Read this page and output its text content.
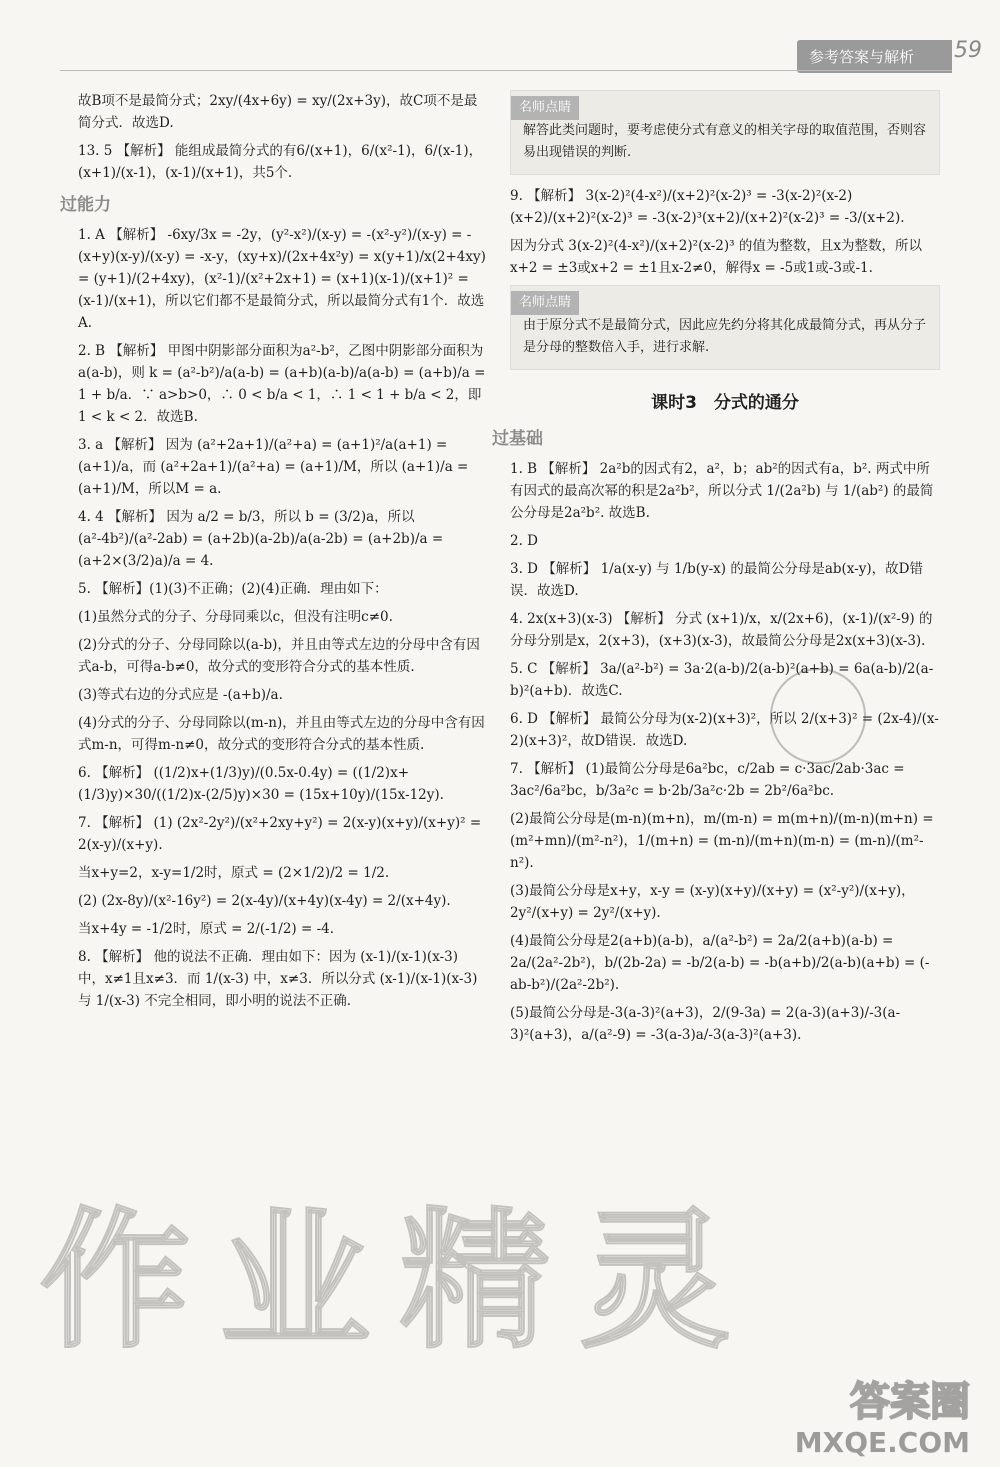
参考答案与解析	59

故B项不是最简分式；2xy/(4x+6y) = xy/(2x+3y)，故C项不是最简分式．故选D.

13. 5 【解析】 能组成最简分式的有6/(x+1)，6/(x²-1)，6/(x-1)，(x+1)/(x-1)，(x-1)/(x+1)，共5个.

过能力

1. A 【解析】 -6xy/3x = -2y，(y²-x²)/(x-y) = -(x²-y²)/(x-y) = -(x+y)(x-y)/(x-y) = -x-y，(xy+x)/(2x+4x²y) = x(y+1)/x(2+4xy) = (y+1)/(2+4xy)，(x²-1)/(x²+2x+1) = (x+1)(x-1)/(x+1)² = (x-1)/(x+1)，所以它们都不是最简分式，所以最简分式有1个．故选A.

2. B 【解析】 甲图中阴影部分面积为a²-b²，乙图中阴影部分面积为a(a-b)，则 k = (a²-b²)/a(a-b) = (a+b)(a-b)/a(a-b) = (a+b)/a = 1 + b/a．∵ a>b>0，∴ 0 < b/a < 1，∴ 1 < 1 + b/a < 2，即1 < k < 2．故选B.

3. a 【解析】 因为 (a²+2a+1)/(a²+a) = (a+1)²/a(a+1) = (a+1)/a，而 (a²+2a+1)/(a²+a) = (a+1)/M，所以 (a+1)/a = (a+1)/M，所以M = a.

4. 4 【解析】 因为 a/2 = b/3，所以 b = (3/2)a，所以 (a²-4b²)/(a²-2ab) = (a+2b)(a-2b)/a(a-2b) = (a+2b)/a = (a+2×(3/2)a)/a = 4.

5. 【解析】(1)(3)不正确；(2)(4)正确．理由如下：

(1)虽然分式的分子、分母同乘以c，但没有注明c≠0.

(2)分式的分子、分母同除以(a-b)，并且由等式左边的分母中含有因式a-b，可得a-b≠0，故分式的变形符合分式的基本性质.

(3)等式右边的分式应是 -(a+b)/a.

(4)分式的分子、分母同除以(m-n)，并且由等式左边的分母中含有因式m-n，可得m-n≠0，故分式的变形符合分式的基本性质.

6. 【解析】 ((1/2)x+(1/3)y)/(0.5x-0.4y) = ((1/2)x+(1/3)y)×30/((1/2)x-(2/5)y)×30 = (15x+10y)/(15x-12y).

7. 【解析】 (1) (2x²-2y²)/(x²+2xy+y²) = 2(x-y)(x+y)/(x+y)² = 2(x-y)/(x+y).

当x+y=2，x-y=1/2时，原式 = (2×1/2)/2 = 1/2.

(2) (2x-8y)/(x²-16y²) = 2(x-4y)/(x+4y)(x-4y) = 2/(x+4y).

当x+4y = -1/2时，原式 = 2/(-1/2) = -4.

8. 【解析】 他的说法不正确．理由如下：因为 (x-1)/(x-1)(x-3) 中，x≠1且x≠3．而 1/(x-3) 中，x≠3．所以分式 (x-1)/(x-1)(x-3) 与 1/(x-3) 不完全相同，即小明的说法不正确.

名师点睛
解答此类问题时，要考虑使分式有意义的相关字母的取值范围，否则容易出现错误的判断.

9. 【解析】 3(x-2)²(4-x²)/(x+2)²(x-2)³ = -3(x-2)²(x-2)(x+2)/(x+2)²(x-2)³ = -3(x-2)³(x+2)/(x+2)²(x-2)³ = -3/(x+2).

因为分式 3(x-2)²(4-x²)/(x+2)²(x-2)³ 的值为整数，且x为整数，所以x+2 = ±3或x+2 = ±1且x-2≠0，解得x = -5或1或-3或-1.

名师点睛
由于原分式不是最简分式，因此应先约分将其化成最简分式，再从分子是分母的整数倍入手，进行求解.
课时3　分式的通分
过基础

1. B 【解析】 2a²b的因式有2，a²，b；ab²的因式有a，b². 两式中所有因式的最高次幂的积是2a²b²，所以分式 1/(2a²b) 与 1/(ab²) 的最简公分母是2a²b². 故选B.

2. D

3. D 【解析】 1/a(x-y) 与 1/b(y-x) 的最简公分母是ab(x-y)，故D错误．故选D.

4. 2x(x+3)(x-3) 【解析】 分式 (x+1)/x，x/(2x+6)，(x-1)/(x²-9) 的分母分别是x，2(x+3)，(x+3)(x-3)，故最简公分母是2x(x+3)(x-3).

5. C 【解析】 3a/(a²-b²) = 3a·2(a-b)/2(a-b)²(a+b) = 6a(a-b)/2(a-b)²(a+b)．故选C.

6. D 【解析】 最简公分母为(x-2)(x+3)²，所以 2/(x+3)² = (2x-4)/(x-2)(x+3)²，故D错误．故选D.

7. 【解析】 (1)最简公分母是6a²bc，c/2ab = c·3ac/2ab·3ac = 3ac²/6a²bc，b/3a²c = b·2b/3a²c·2b = 2b²/6a²bc.

(2)最简公分母是(m-n)(m+n)，m/(m-n) = m(m+n)/(m-n)(m+n) = (m²+mn)/(m²-n²)，1/(m+n) = (m-n)/(m+n)(m-n) = (m-n)/(m²-n²).

(3)最简公分母是x+y，x-y = (x-y)(x+y)/(x+y) = (x²-y²)/(x+y)，2y²/(x+y) = 2y²/(x+y).

(4)最简公分母是2(a+b)(a-b)，a/(a²-b²) = 2a/2(a+b)(a-b) = 2a/(2a²-2b²)，b/(2b-2a) = -b/2(a-b) = -b(a+b)/2(a-b)(a+b) = (-ab-b²)/(2a²-2b²).

(5)最简公分母是-3(a-3)²(a+3)，2/(9-3a) = 2(a-3)(a+3)/-3(a-3)²(a+3)，a/(a²-9) = -3(a-3)a/-3(a-3)²(a+3).

作业精灵
答案圈
MXQE.COM
